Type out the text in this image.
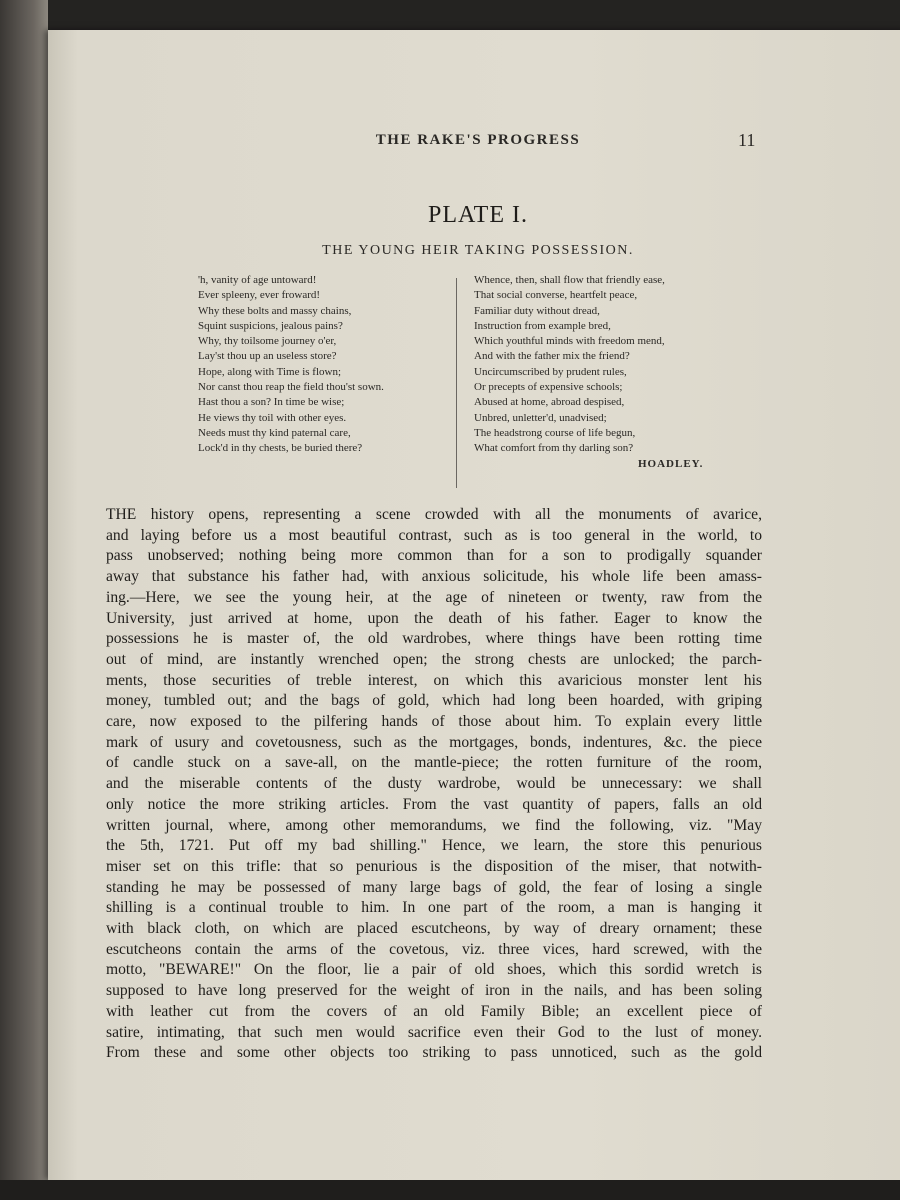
THE RAKE'S PROGRESS	11
PLATE I.
THE YOUNG HEIR TAKING POSSESSION.
'h, vanity of age untoward!
Ever spleeny, ever froward!
Why these bolts and massy chains,
Squint suspicions, jealous pains?
Why, thy toilsome journey o'er,
Lay'st thou up an useless store?
Hope, along with Time is flown;
Nor canst thou reap the field thou'st sown.
Hast thou a son? In time be wise;
He views thy toil with other eyes.
Needs must thy kind paternal care,
Lock'd in thy chests, be buried there?
Whence, then, shall flow that friendly ease,
That social converse, heartfelt peace,
Familiar duty without dread,
Instruction from example bred,
Which youthful minds with freedom mend,
And with the father mix the friend?
Uncircumscribed by prudent rules,
Or precepts of expensive schools;
Abused at home, abroad despised,
Unbred, unletter'd, unadvised;
The headstrong course of life begun,
What comfort from thy darling son?
HOADLEY.
THE history opens, representing a scene crowded with all the monuments of avarice,
and laying before us a most beautiful contrast, such as is too general in the world, to
pass unobserved; nothing being more common than for a son to prodigally squander
away that substance his father had, with anxious solicitude, his whole life been amass-
ing.—Here, we see the young heir, at the age of nineteen or twenty, raw from the
University, just arrived at home, upon the death of his father. Eager to know the
possessions he is master of, the old wardrobes, where things have been rotting time
out of mind, are instantly wrenched open; the strong chests are unlocked; the parch-
ments, those securities of treble interest, on which this avaricious monster lent his
money, tumbled out; and the bags of gold, which had long been hoarded, with griping
care, now exposed to the pilfering hands of those about him. To explain every little
mark of usury and covetousness, such as the mortgages, bonds, indentures, &c. the piece
of candle stuck on a save-all, on the mantle-piece; the rotten furniture of the room,
and the miserable contents of the dusty wardrobe, would be unnecessary: we shall
only notice the more striking articles. From the vast quantity of papers, falls an old
written journal, where, among other memorandums, we find the following, viz. "May
the 5th, 1721. Put off my bad shilling." Hence, we learn, the store this penurious
miser set on this trifle: that so penurious is the disposition of the miser, that notwith-
standing he may be possessed of many large bags of gold, the fear of losing a single
shilling is a continual trouble to him. In one part of the room, a man is hanging it
with black cloth, on which are placed escutcheons, by way of dreary ornament; these
escutcheons contain the arms of the covetous, viz. three vices, hard screwed, with the
motto, "BEWARE!" On the floor, lie a pair of old shoes, which this sordid wretch is
supposed to have long preserved for the weight of iron in the nails, and has been soling
with leather cut from the covers of an old Family Bible; an excellent piece of
satire, intimating, that such men would sacrifice even their God to the lust of money.
From these and some other objects too striking to pass unnoticed, such as the gold
